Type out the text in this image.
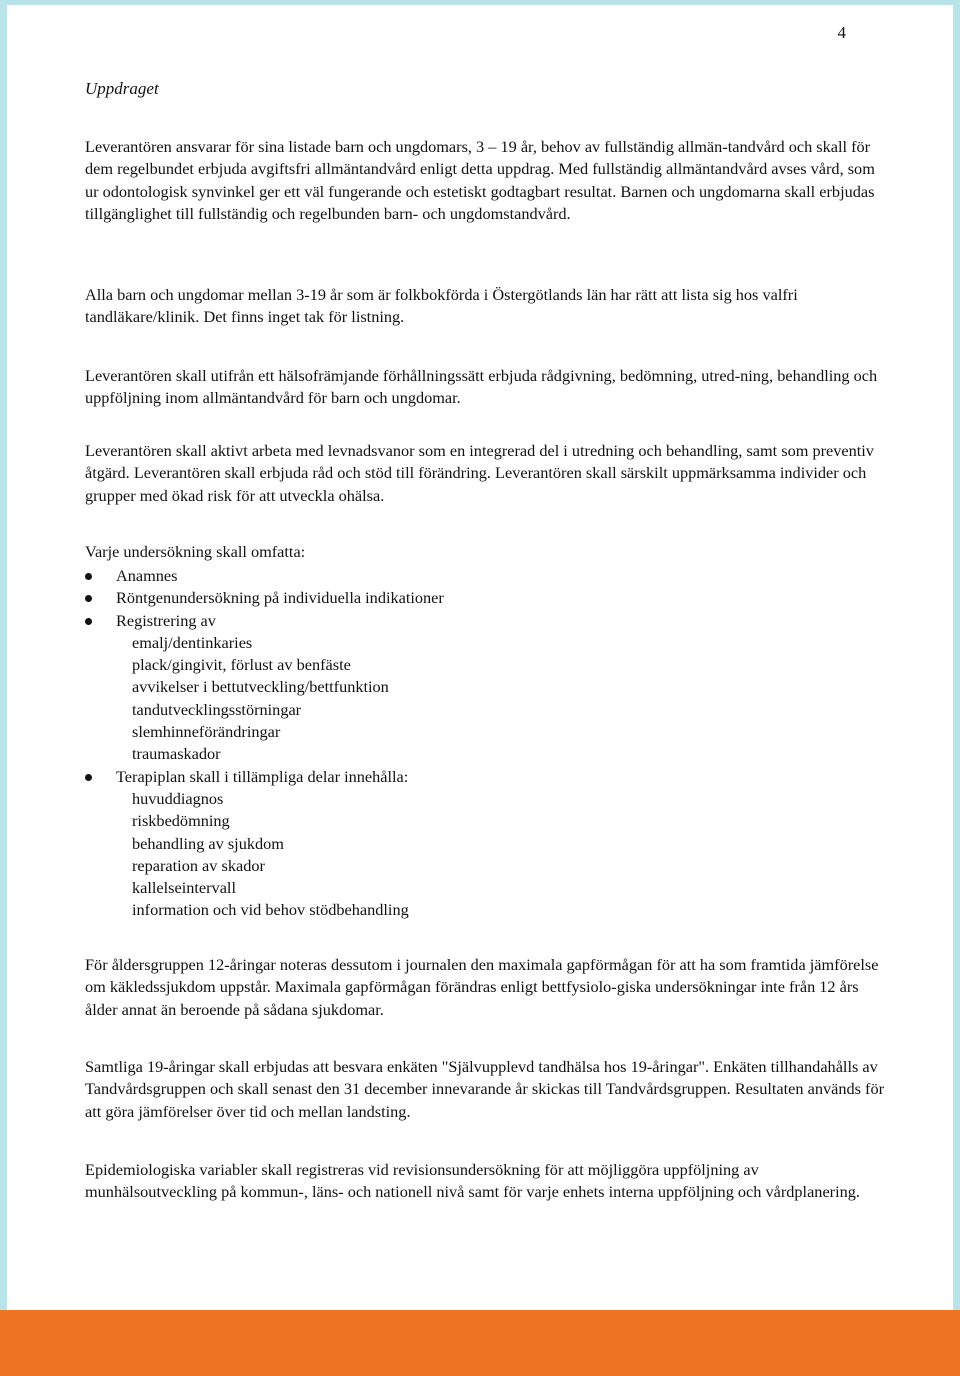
4

Uppdraget

Leverantören ansvarar för sina listade barn och ungdomars, 3 – 19 år, behov av fullständig allmän-tandvård och skall för dem regelbundet erbjuda avgiftsfri allmäntandvård enligt detta uppdrag. Med fullständig allmäntandvård avses vård, som ur odontologisk synvinkel ger ett väl fungerande och estetiskt godtagbart resultat. Barnen och ungdomarna skall erbjudas tillgänglighet till fullständig och regelbunden barn- och ungdomstandvård.

Alla barn och ungdomar mellan 3-19 år som är folkbokförda i Östergötlands län har rätt att lista sig hos valfri tandläkare/klinik. Det finns inget tak för listning.

Leverantören skall utifrån ett hälsofrämjande förhållningssätt erbjuda rådgivning, bedömning, utred-ning, behandling och uppföljning inom allmäntandvård för barn och ungdomar.

Leverantören skall aktivt arbeta med levnadsvanor som en integrerad del i utredning och behandling, samt som preventiv åtgärd. Leverantören skall erbjuda råd och stöd till förändring. Leverantören skall särskilt uppmärksamma individer och grupper med ökad risk för att utveckla ohälsa.

Varje undersökning skall omfatta:

Anamnes
Röntgenundersökning på individuella indikationer
Registrering av
emalj/dentinkaries
plack/gingivit, förlust av benfäste
avvikelser i bettutveckling/bettfunktion
tandutvecklingsstörningar
slemhinneförändringar
traumaskador
Terapiplan skall i tillämpliga delar innehålla:
huvuddiagnos
riskbedömning
behandling av sjukdom
reparation av skador
kallelseintervall
information och vid behov stödbehandling

För åldersgruppen 12-åringar noteras dessutom i journalen den maximala gapförmågan för att ha som framtida jämförelse om käkledssjukdom uppstår. Maximala gapförmågan förändras enligt bettfysiolo-giska undersökningar inte från 12 års ålder annat än beroende på sådana sjukdomar.

Samtliga 19-åringar skall erbjudas att besvara enkäten "Självupplevd tandhälsa hos 19-åringar". Enkäten tillhandahålls av Tandvårdsgruppen och skall senast den 31 december innevarande år skickas till Tandvårdsgruppen. Resultaten används för att göra jämförelser över tid och mellan landsting.

Epidemiologiska variabler skall registreras vid revisionsundersökning för att möjliggöra uppföljning av munhälsoutveckling på kommun-, läns- och nationell nivå samt för varje enhets interna uppföljning och vårdplanering.
